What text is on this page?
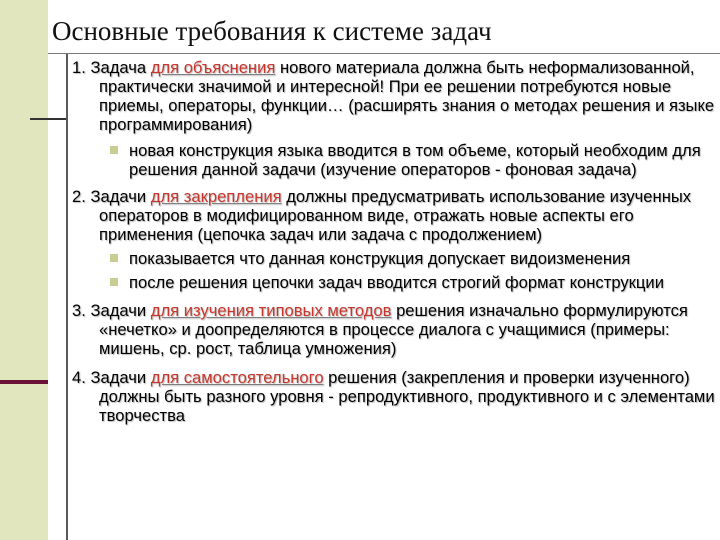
Основные требования к системе задач

1. Задача для объяснения нового материала должна быть неформализованной, практически значимой и интересной! При ее решении потребуются новые приемы, операторы, функции… (расширять знания о методах решения и языке программирования)

новая конструкция языка вводится в том объеме, который необходим для решения данной задачи (изучение операторов - фоновая задача)

2. Задачи для закрепления должны предусматривать использование изученных операторов в модифицированном виде, отражать новые аспекты его применения (цепочка задач или задача с продолжением)

показывается что данная конструкция допускает видоизменения
после решения цепочки задач вводится строгий формат конструкции

3. Задачи для изучения типовых методов решения изначально формулируются «нечетко» и доопределяются в процессе диалога с учащимися (примеры: мишень, ср. рост, таблица умножения)

4. Задачи для самостоятельного решения (закрепления и проверки изученного) должны быть разного уровня - репродуктивного, продуктивного и с элементами творчества
